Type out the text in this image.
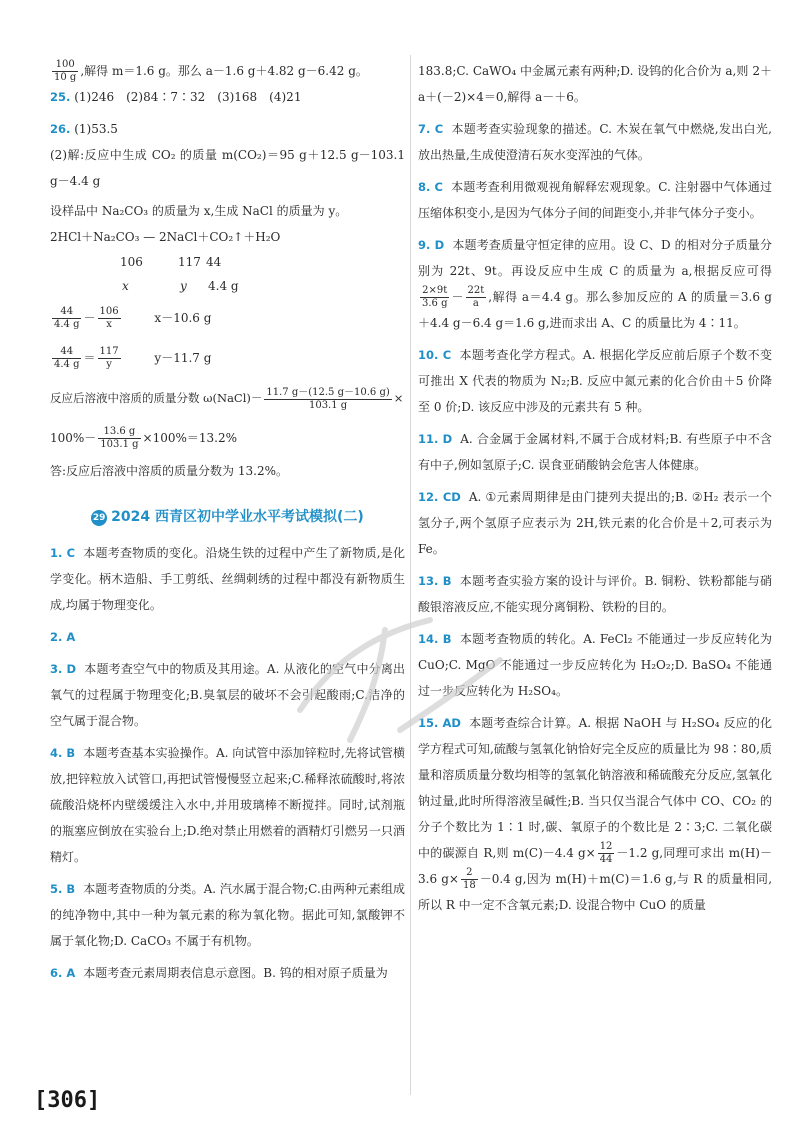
$\frac{100}{10 g}$ ,解得 m＝1.6 g。那么 a－1.6 g＋4.82 g－6.42 g。
25. (1)246　(2)84∶7∶32　(3)168　(4)21
26. (1)53.5
(2)解:反应中生成 CO₂ 的质量 m(CO₂)＝95 g＋12.5 g－103.1 g－4.4 g
设样品中 Na₂CO₃ 的质量为 x,生成 NaCl 的质量为 y。
2HCl＋Na₂CO₃ — 2NaCl＋CO₂↑＋H₂O
106	117 44
x	y 4.4 g
$\frac{44}{4.4 g} - \frac{106}{x}$	x－10.6 g
$\frac{44}{4.4 g} = \frac{117}{y}$	y－11.7 g
反应后溶液中溶质的质量分数 ω(NaCl)－ $\frac{11.7 g-(12.5 g-10.6 g)}{103.1 g}$ ×
$100\%- \frac{13.6 g}{103.1 g} \times 100\%=13.2\%$
答:反应后溶液中溶质的质量分数为 13.2%。
29 2024 西青区初中学业水平考试模拟(二)
1. C 本题考查物质的变化。沿烧生铁的过程中产生了新物质,是化学变化。柄木造船、手工剪纸、丝绸刺绣的过程中都没有新物质生成,均属于物理变化。
2. A
3. D 本题考查空气中的物质及其用途。A. 从液化的空气中分离出氧气的过程属于物理变化;B.臭氧层的破坏不会引起酸雨;C.洁净的空气属于混合物。
4. B 本题考查基本实验操作。A. 向试管中添加锌粒时,先将试管横放,把锌粒放入试管口,再把试管慢慢竖立起来;C.稀释浓硫酸时,将浓硫酸沿烧杯内壁缓缓注入水中,并用玻璃棒不断搅拌。同时,试剂瓶的瓶塞应倒放在实验台上;D.绝对禁止用燃着的酒精灯引燃另一只酒精灯。
5. B 本题考查物质的分类。A. 汽水属于混合物;C.由两种元素组成的纯净物中,其中一种为氧元素的称为氧化物。据此可知,氯酸钾不属于氧化物;D. CaCO₃ 不属于有机物。
6. A 本题考查元素周期表信息示意图。B. 钨的相对原子质量为
183.8;C. CaWO₄ 中金属元素有两种;D. 设钨的化合价为 a,则 2＋a＋(－2)×4＝0,解得 a－＋6。
7. C 本题考查实验现象的描述。C. 木炭在氧气中燃烧,发出白光,放出热量,生成使澄清石灰水变浑浊的气体。
8. C 本题考查利用微观视角解释宏观现象。C. 注射器中气体通过压缩体积变小,是因为气体分子间的间距变小,并非气体分子变小。
9. D 本题考查质量守恒定律的应用。设 C、D 的相对分子质量分别为 22t、9t。再设反应中生成 C 的质量为 a,根据反应可得
$\frac{2\times 9t}{3.6 g} - \frac{22t}{a}$ ,解得 a＝4.4 g。那么参加反应的 A 的质量＝3.6 g＋4.4 g－6.4 g＝1.6 g,进而求出 A、C 的质量比为 4∶11。
10. C 本题考查化学方程式。A. 根据化学反应前后原子个数不变可推出 X 代表的物质为 N₂;B. 反应中氮元素的化合价由＋5 价降至 0 价;D. 该反应中涉及的元素共有 5 种。
11. D A. 合金属于金属材料,不属于合成材料;B. 有些原子中不含有中子,例如氢原子;C. 误食亚硝酸钠会危害人体健康。
12. CD A. ①元素周期律是由门捷列夫提出的;B. ②H₂ 表示一个氢分子,两个氢原子应表示为 2H,铁元素的化合价是＋2,可表示为 Fe。
13. B 本题考查实验方案的设计与评价。B. 铜粉、铁粉都能与硝酸银溶液反应,不能实现分离铜粉、铁粉的目的。
14. B 本题考查物质的转化。A. FeCl₂ 不能通过一步反应转化为 CuO;C. MgO 不能通过一步反应转化为 H₂O₂;D. BaSO₄ 不能通过一步反应转化为 H₂SO₄。
15. AD 本题考查综合计算。A. 根据 NaOH 与 H₂SO₄ 反应的化学方程式可知,硫酸与氢氧化钠恰好完全反应的质量比为 98∶80,质量和溶质质量分数均相等的氢氧化钠溶液和稀硫酸充分反应,氢氧化钠过量,此时所得溶液呈碱性;B. 当只仅当混合气体中 CO、CO₂ 的分子个数比为 1∶1 时,碳、氧原子的个数比是 2∶3;C. 二氧化碳中的碳源自 R,则 m(C)－4.4 $g\times \frac{12}{44} -1.2$ g,同理可求出 m(H)－3.6 $g\times \frac{2}{18} -0.4$ g,因为 m(H)＋m(C)＝1.6 g,与 R 的质量相同,所以 R 中一定不含氧元素;D. 设混合物中 CuO 的质量
[306]
